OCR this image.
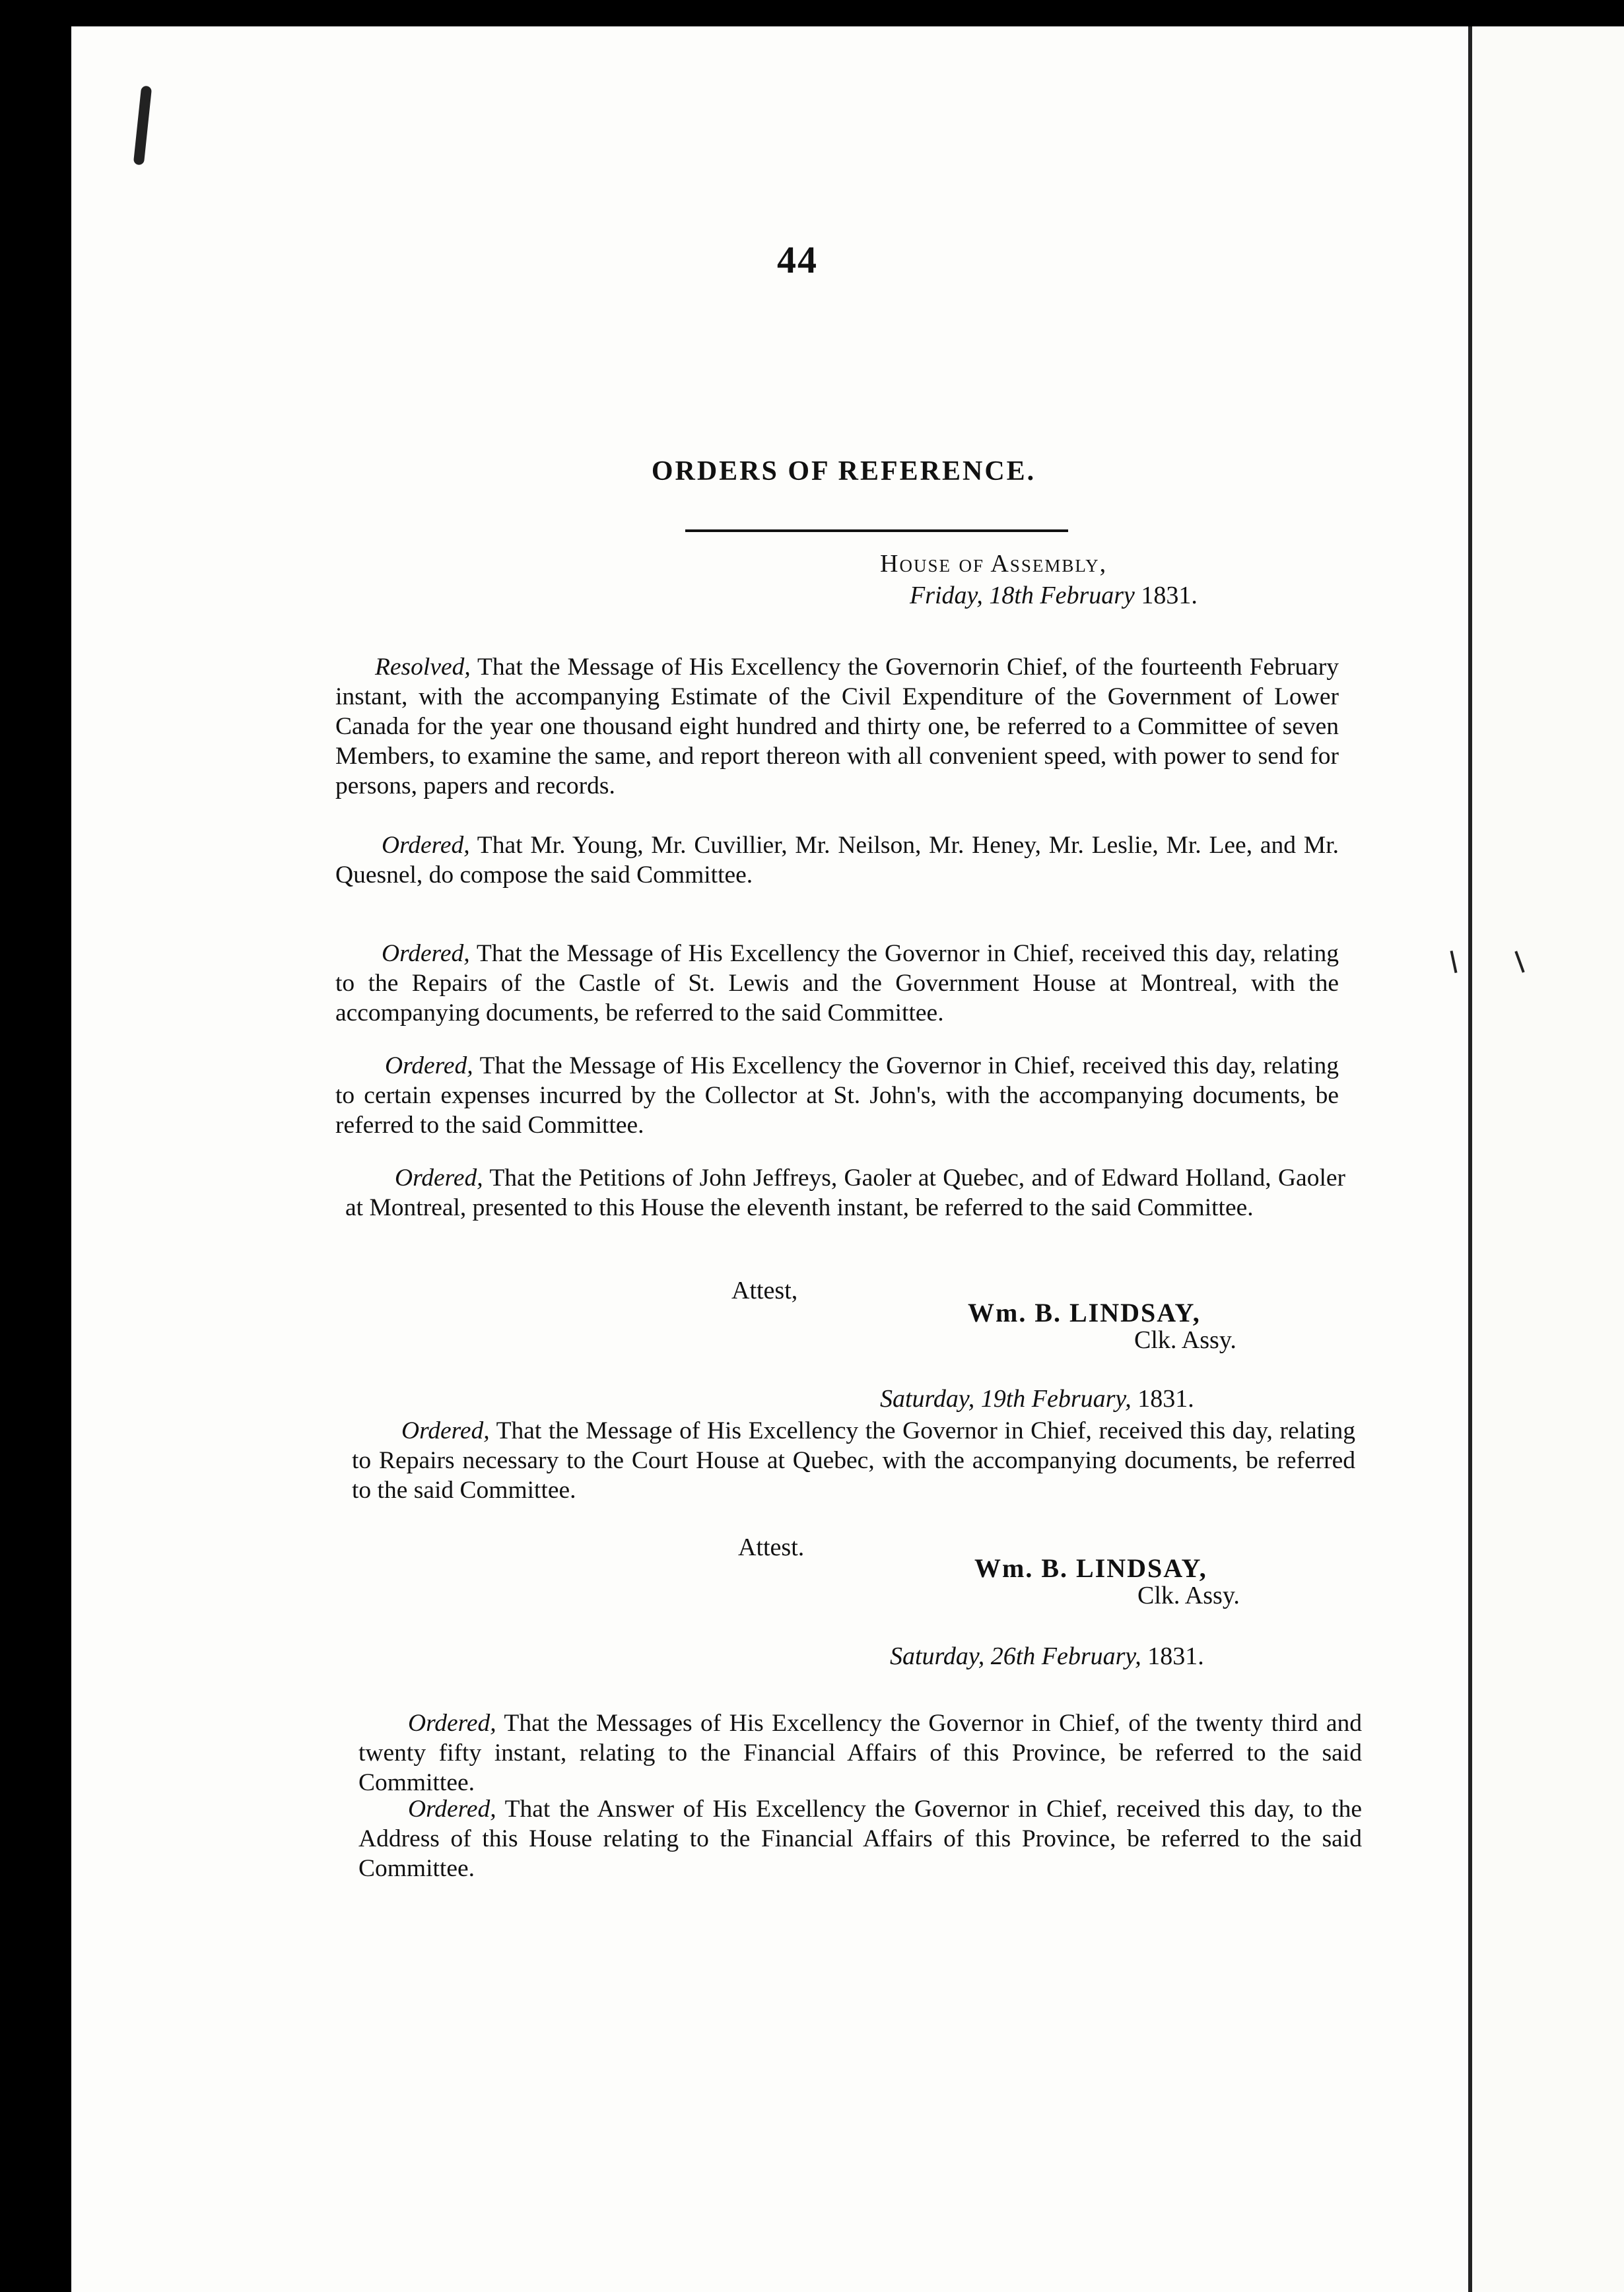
44
ORDERS OF REFERENCE.
House of Assembly,
Friday, 18th February 1831.
Resolved, That the Message of His Excellency the Governorin Chief, of the fourteenth February instant, with the accompanying Estimate of the Civil Expenditure of the Government of Lower Canada for the year one thousand eight hundred and thirty one, be referred to a Committee of seven Members, to examine the same, and report thereon with all convenient speed, with power to send for persons, papers and records.
Ordered, That Mr. Young, Mr. Cuvillier, Mr. Neilson, Mr. Heney, Mr. Leslie, Mr. Lee, and Mr. Quesnel, do compose the said Committee.
Ordered, That the Message of His Excellency the Governor in Chief, received this day, relating to the Repairs of the Castle of St. Lewis and the Government House at Montreal, with the accompanying documents, be referred to the said Committee.
Ordered, That the Message of His Excellency the Governor in Chief, received this day, relating to certain expenses incurred by the Collector at St. John's, with the accompanying documents, be referred to the said Committee.
Ordered, That the Petitions of John Jeffreys, Gaoler at Quebec, and of Edward Holland, Gaoler at Montreal, presented to this House the eleventh instant, be referred to the said Committee.
Attest,
Wm. B. LINDSAY,
Clk. Assy.
Saturday, 19th February, 1831.
Ordered, That the Message of His Excellency the Governor in Chief, received this day, relating to Repairs necessary to the Court House at Quebec, with the accompanying documents, be referred to the said Committee.
Attest.
Wm. B. LINDSAY,
Clk. Assy.
Saturday, 26th February, 1831.
Ordered, That the Messages of His Excellency the Governor in Chief, of the twenty third and twenty fifty instant, relating to the Financial Affairs of this Province, be referred to the said Committee.
Ordered, That the Answer of His Excellency the Governor in Chief, received this day, to the Address of this House relating to the Financial Affairs of this Province, be referred to the said Committee.
